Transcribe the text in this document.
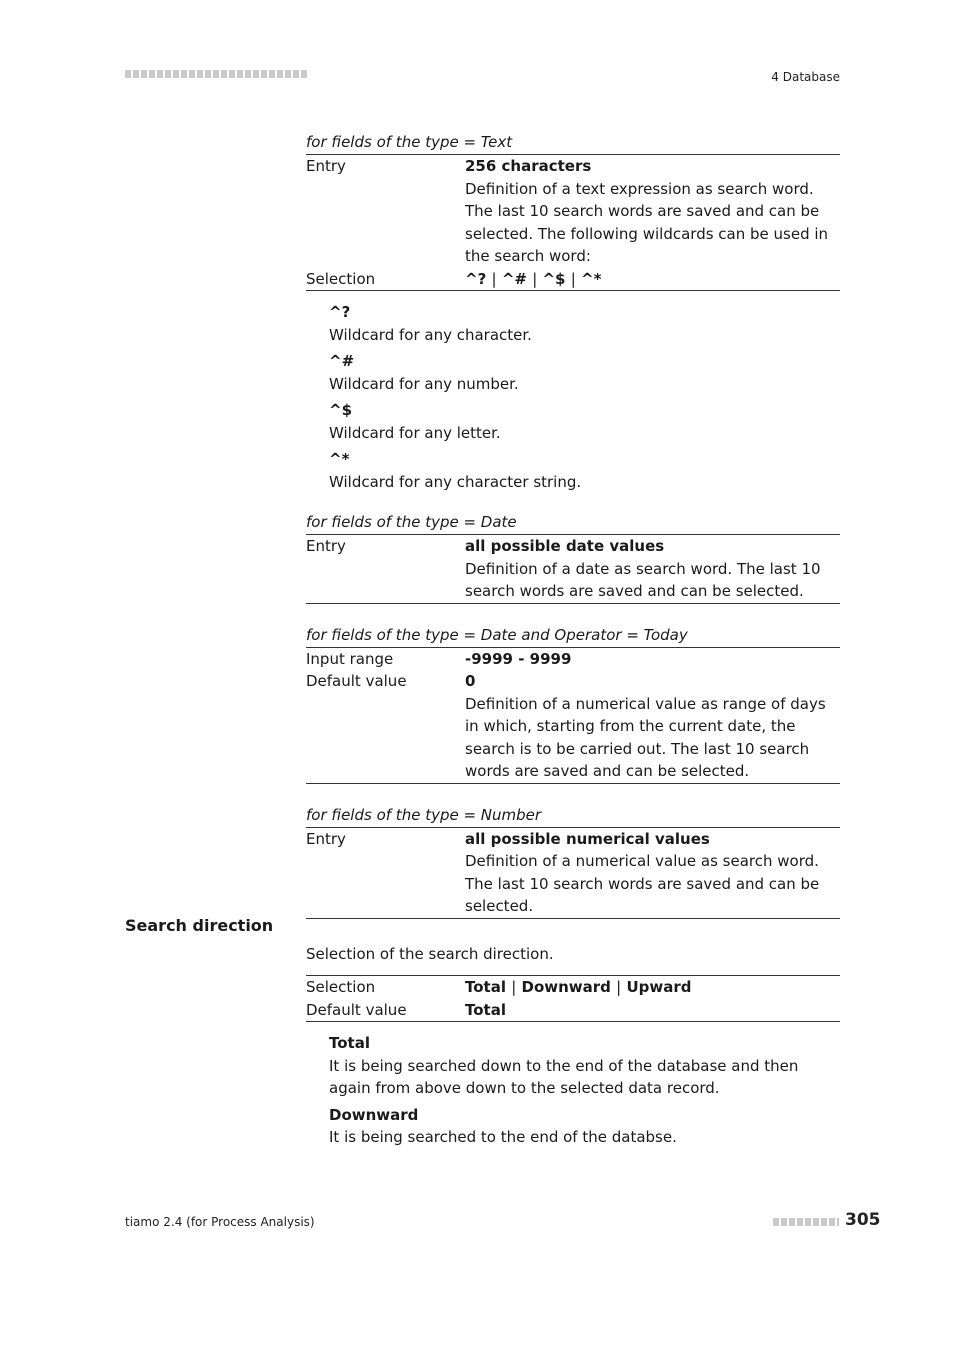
4 Database
for fields of the type = Text
Entry	256 characters
Definition of a text expression as search word. The last 10 search words are saved and can be selected. The following wildcards can be used in the search word:

Selection	^? | ^# | ^$ | ^*
^?
Wildcard for any character.
^#
Wildcard for any number.
^$
Wildcard for any letter.
^*
Wildcard for any character string.
for fields of the type = Date
Entry	all possible date values
Definition of a date as search word. The last 10 search words are saved and can be selected.
for fields of the type = Date and Operator = Today
Input range	-9999 - 9999
Default value	0
Definition of a numerical value as range of days in which, starting from the current date, the search is to be carried out. The last 10 search words are saved and can be selected.
for fields of the type = Number
Entry	all possible numerical values
Definition of a numerical value as search word. The last 10 search words are saved and can be selected.
Search direction
Selection of the search direction.
Selection	Total | Downward | Upward
Default value	Total
Total
It is being searched down to the end of the database and then again from above down to the selected data record.
Downward
It is being searched to the end of the databse.
tiamo 2.4 (for Process Analysis)	305
